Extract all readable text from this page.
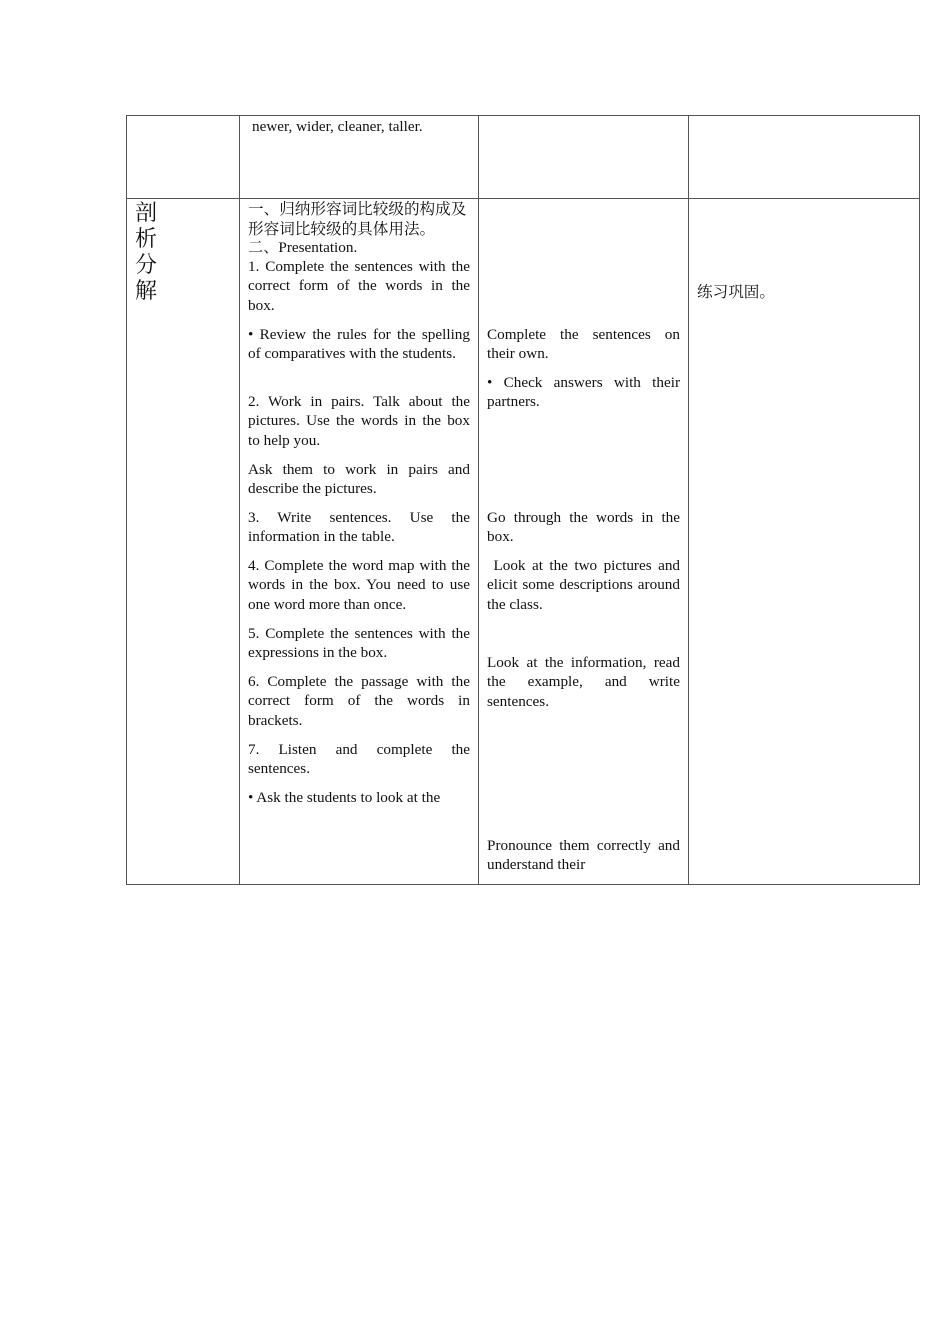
newer, wider, cleaner, taller.

剖
析
分
解

一、归纳形容词比较级的构成及形容词比较级的具体用法。

二、Presentation.

1. Complete the sentences with the correct form of the words in the box.

• Review the rules for the spelling of comparatives with the students.

2. Work in pairs. Talk about the pictures. Use the words in the box to help you.

Ask them to work in pairs and describe the pictures.

3. Write sentences. Use the information in the table.

4. Complete the word map with the words in the box. You need to use one word more than once.

5. Complete the sentences with the expressions in the box.

6. Complete the passage with the correct form of the words in brackets.

7. Listen and complete the sentences.

• Ask the students to look at the

Complete the sentences on their own.

• Check answers with their partners.

Go through the words in the box.

Look at the two pictures and elicit some descriptions around the class.

Look at the information, read the example, and write sentences.

Pronounce them correctly and understand their

练习巩固。
